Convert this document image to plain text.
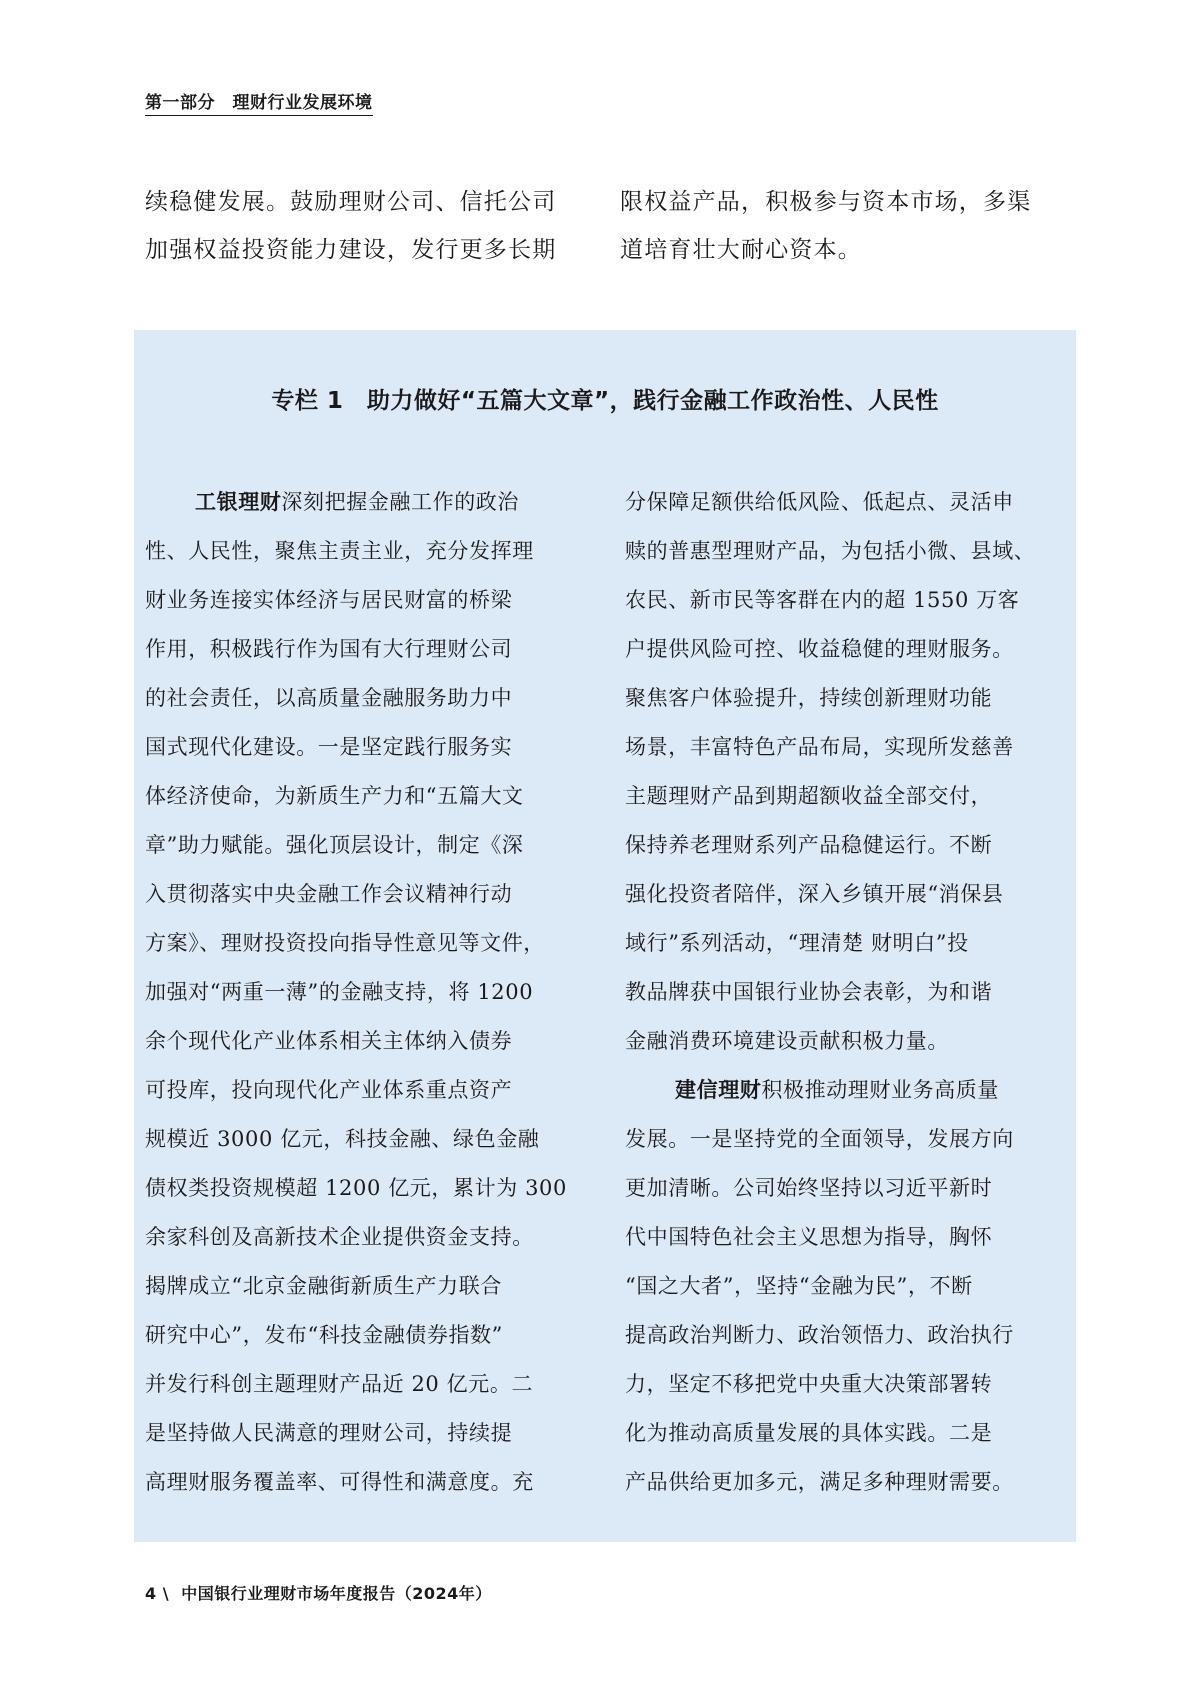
第一部分　理财行业发展环境
续稳健发展。鼓励理财公司、信托公司
加强权益投资能力建设，发行更多长期
限权益产品，积极参与资本市场，多渠
道培育壮大耐心资本。
专栏 1　助力做好“五篇大文章”，践行金融工作政治性、人民性
工银理财深刻把握金融工作的政治
性、人民性，聚焦主责主业，充分发挥理
财业务连接实体经济与居民财富的桥梁
作用，积极践行作为国有大行理财公司
的社会责任，以高质量金融服务助力中
国式现代化建设。一是坚定践行服务实
体经济使命，为新质生产力和“五篇大文
章”助力赋能。强化顶层设计，制定《深
入贯彻落实中央金融工作会议精神行动
方案》、理财投资投向指导性意见等文件，
加强对“两重一薄”的金融支持，将 1200
余个现代化产业体系相关主体纳入债券
可投库，投向现代化产业体系重点资产
规模近 3000 亿元，科技金融、绿色金融
债权类投资规模超 1200 亿元，累计为 300
余家科创及高新技术企业提供资金支持。
揭牌成立“北京金融街新质生产力联合
研究中心”，发布“科技金融债券指数”
并发行科创主题理财产品近 20 亿元。二
是坚持做人民满意的理财公司，持续提
高理财服务覆盖率、可得性和满意度。充
分保障足额供给低风险、低起点、灵活申
赎的普惠型理财产品，为包括小微、县域、
农民、新市民等客群在内的超 1550 万客
户提供风险可控、收益稳健的理财服务。
聚焦客户体验提升，持续创新理财功能
场景，丰富特色产品布局，实现所发慈善
主题理财产品到期超额收益全部交付，
保持养老理财系列产品稳健运行。不断
强化投资者陪伴，深入乡镇开展“消保县
域行”系列活动，“理清楚 财明白”投
教品牌获中国银行业协会表彰，为和谐
金融消费环境建设贡献积极力量。
建信理财积极推动理财业务高质量
发展。一是坚持党的全面领导，发展方向
更加清晰。公司始终坚持以习近平新时
代中国特色社会主义思想为指导，胸怀
“国之大者”，坚持“金融为民”，不断
提高政治判断力、政治领悟力、政治执行
力，坚定不移把党中央重大决策部署转
化为推动高质量发展的具体实践。二是
产品供给更加多元，满足多种理财需要。
4 \  中国银行业理财市场年度报告（2024年）
